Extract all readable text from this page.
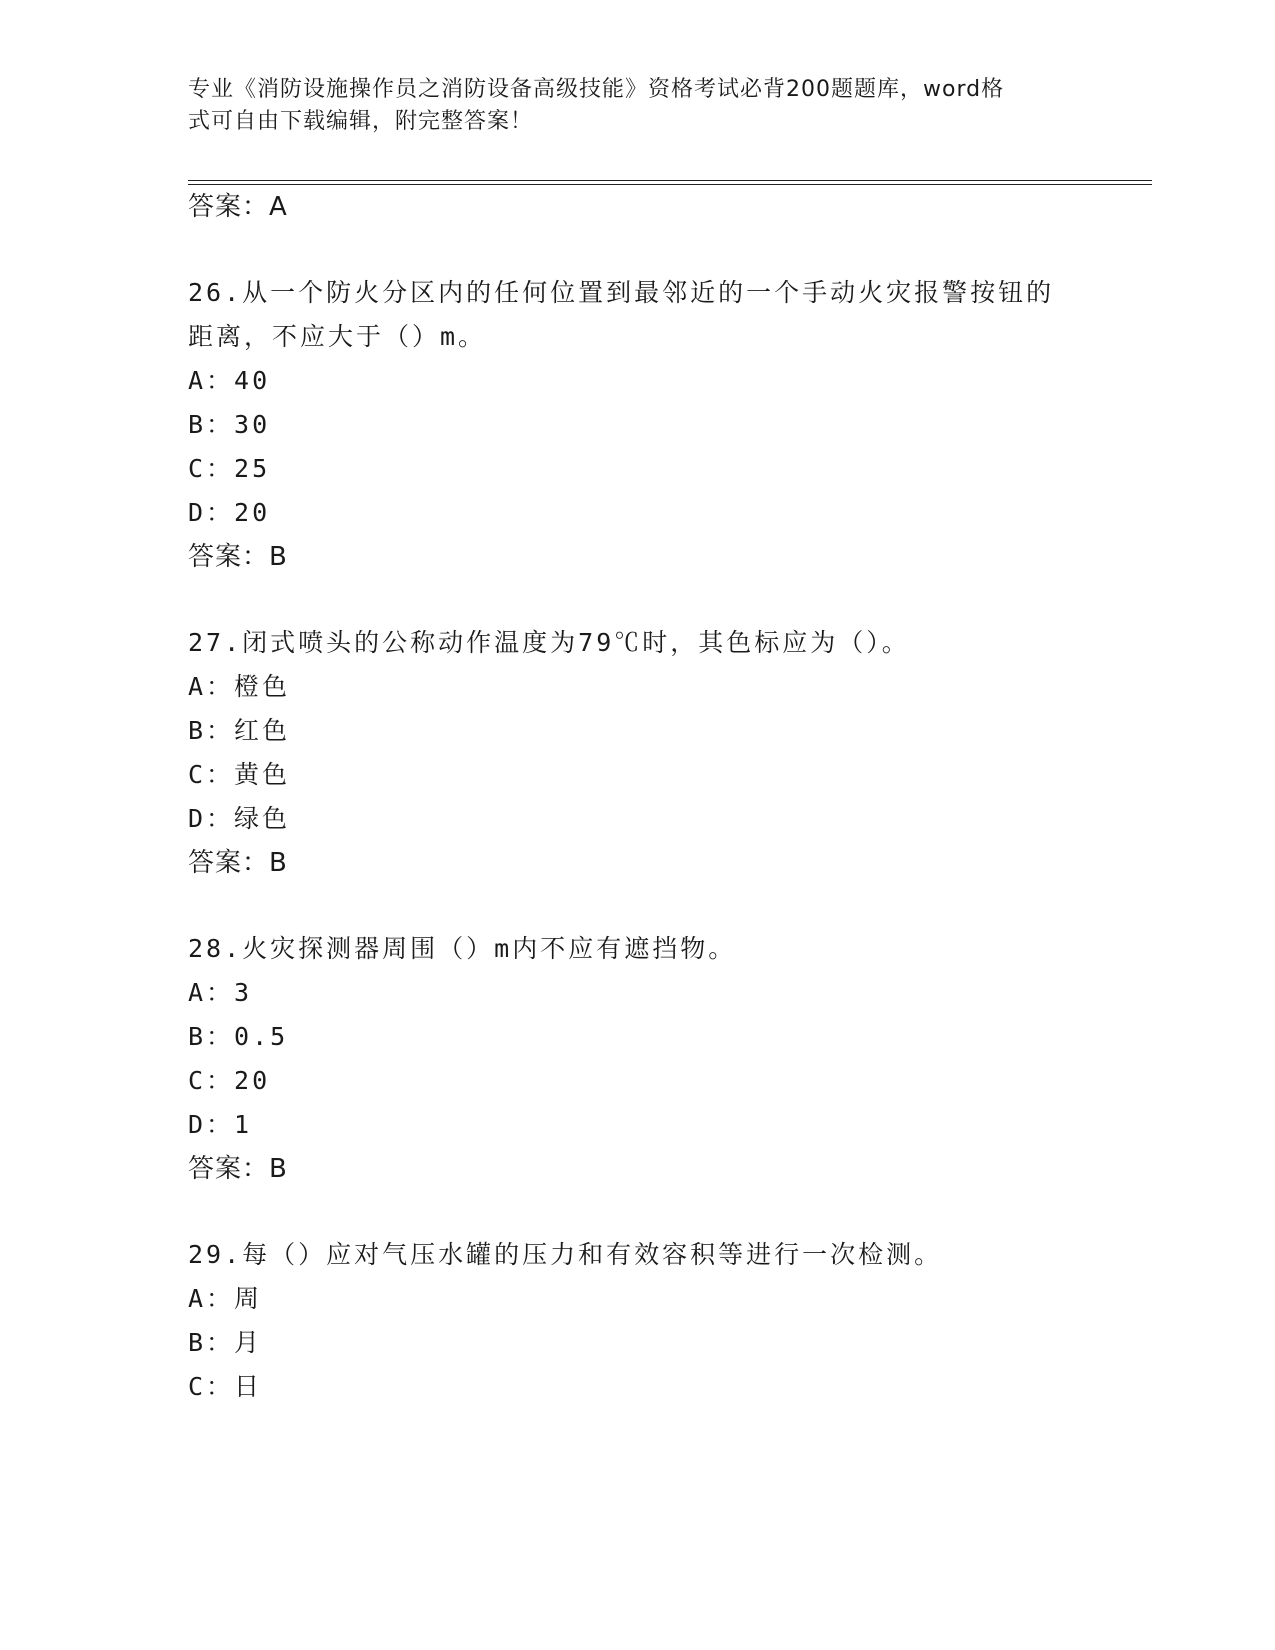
专业《消防设施操作员之消防设备高级技能》资格考试必背200题题库，word格
式可自由下载编辑，附完整答案！
答案：A
26.从一个防火分区内的任何位置到最邻近的一个手动火灾报警按钮的
距离，不应大于（）m。
A：40
B：30
C：25
D：20
答案：B
27.闭式喷头的公称动作温度为79℃时，其色标应为（）。
A：橙色
B：红色
C：黄色
D：绿色
答案：B
28.火灾探测器周围（）m内不应有遮挡物。
A：3
B：0.5
C：20
D：1
答案：B
29.每（）应对气压水罐的压力和有效容积等进行一次检测。
A：周
B：月
C：日
